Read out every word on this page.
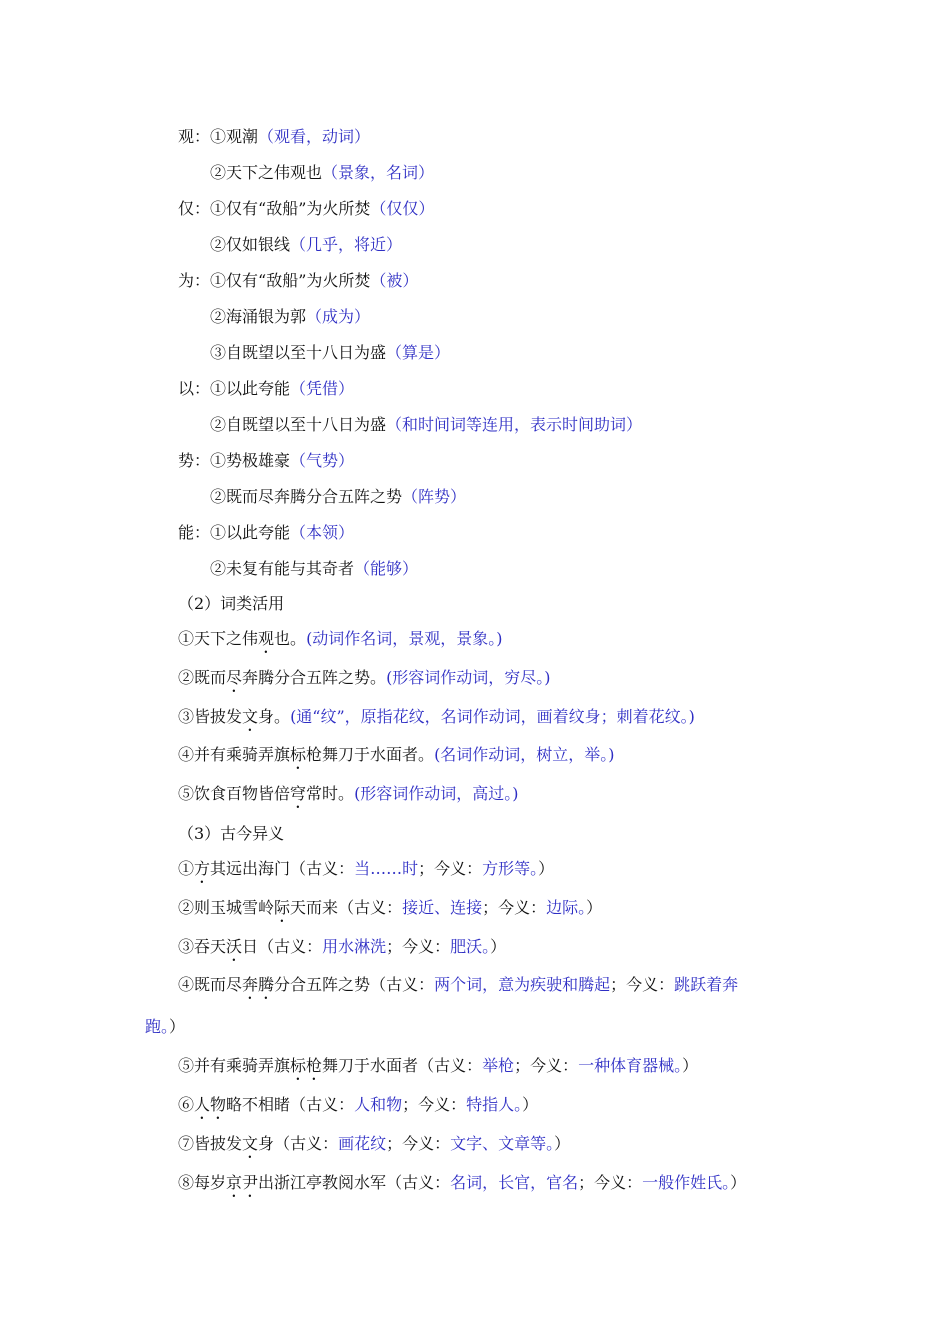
观：①观潮（观看，动词）
②天下之伟观也（景象，名词）
仅：①仅有“敌船”为火所焚（仅仅）
②仅如银线（几乎，将近）
为：①仅有“敌船”为火所焚（被）
②海涌银为郭（成为）
③自既望以至十八日为盛（算是）
以：①以此夸能（凭借）
②自既望以至十八日为盛（和时间词等连用，表示时间助词）
势：①势极雄豪（气势）
②既而尽奔腾分合五阵之势（阵势）
能：①以此夸能（本领）
②未复有能与其奇者（能够）
（2）词类活用
①天下之伟观也。(动词作名词，景观，景象。)
②既而尽奔腾分合五阵之势。(形容词作动词，穷尽。)
③皆披发文身。(通“纹”，原指花纹，名词作动词，画着纹身；刺着花纹。)
④并有乘骑弄旗标枪舞刀于水面者。(名词作动词，树立，举。)
⑤饮食百物皆倍穹常时。(形容词作动词，高过。)
（3）古今异义
①方其远出海门（古义：当……时；今义：方形等。）
②则玉城雪岭际天而来（古义：接近、连接；今义：边际。）
③吞天沃日（古义：用水淋洗；今义：肥沃。）
④既而尽奔腾分合五阵之势（古义：两个词，意为疾驶和腾起；今义：跳跃着奔
跑。）
⑤并有乘骑弄旗标枪舞刀于水面者（古义：举枪；今义：一种体育器械。）
⑥人物略不相睹（古义：人和物；今义：特指人。）
⑦皆披发文身（古义：画花纹；今义：文字、文章等。）
⑧每岁京尹出浙江亭教阅水军（古义：名词，长官，官名；今义：一般作姓氏。）
